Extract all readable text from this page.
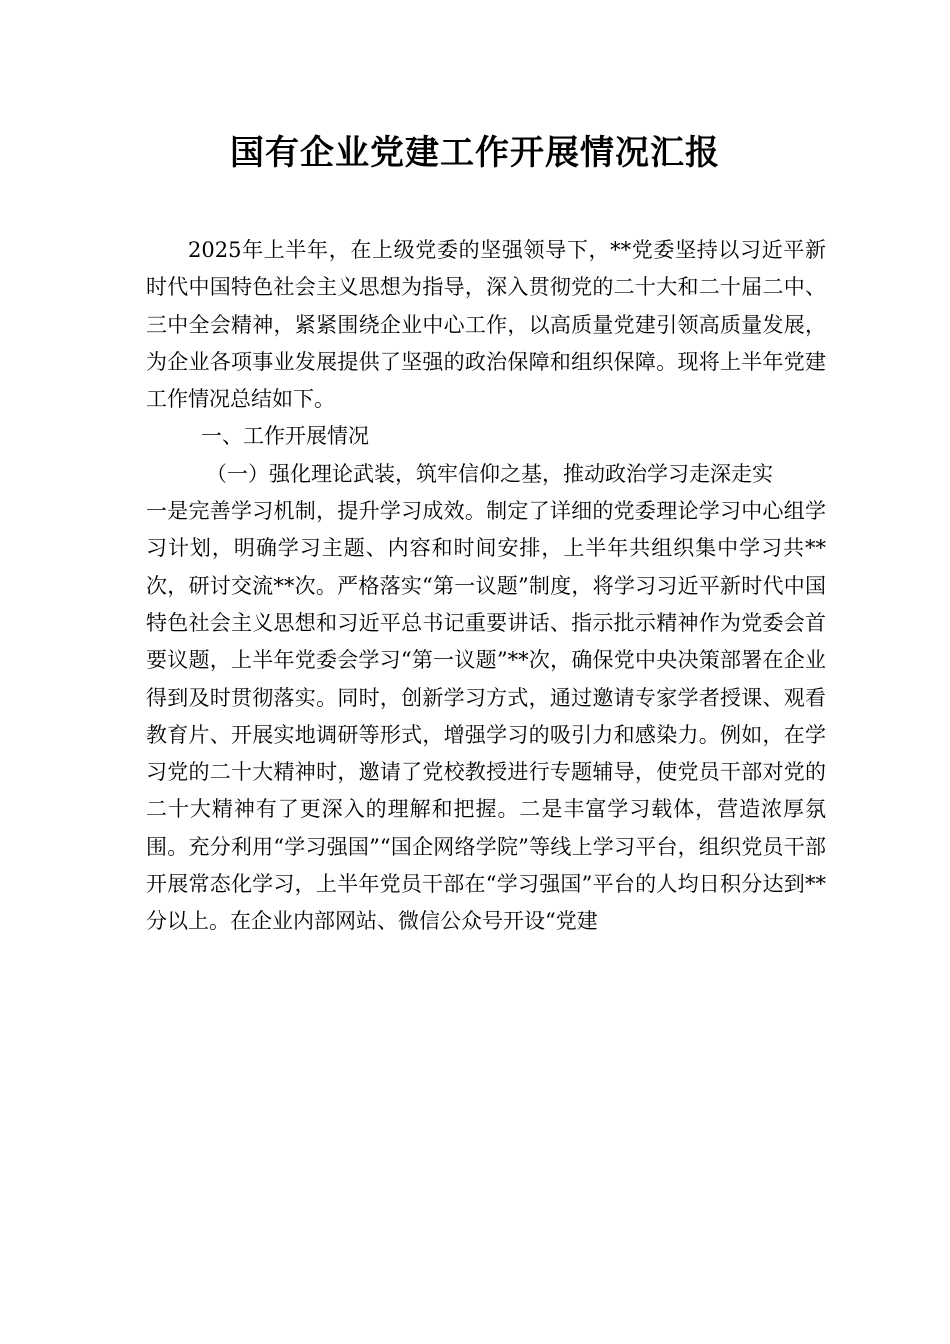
国有企业党建工作开展情况汇报

2025年上半年，在上级党委的坚强领导下，**党委坚持以习近平新时代中国特色社会主义思想为指导，深入贯彻党的二十大和二十届二中、三中全会精神，紧紧围绕企业中心工作，以高质量党建引领高质量发展，为企业各项事业发展提供了坚强的政治保障和组织保障。现将上半年党建工作情况总结如下。

一、工作开展情况

（一）强化理论武装，筑牢信仰之基，推动政治学习走深走实

一是完善学习机制，提升学习成效。制定了详细的党委理论学习中心组学习计划，明确学习主题、内容和时间安排，上半年共组织集中学习共**次，研讨交流**次。严格落实“第一议题”制度，将学习习近平新时代中国特色社会主义思想和习近平总书记重要讲话、指示批示精神作为党委会首要议题，上半年党委会学习“第一议题”**次，确保党中央决策部署在企业得到及时贯彻落实。同时，创新学习方式，通过邀请专家学者授课、观看教育片、开展实地调研等形式，增强学习的吸引力和感染力。例如，在学习党的二十大精神时，邀请了党校教授进行专题辅导，使党员干部对党的二十大精神有了更深入的理解和把握。二是丰富学习载体，营造浓厚氛围。充分利用“学习强国”“国企网络学院”等线上学习平台，组织党员干部开展常态化学习，上半年党员干部在“学习强国”平台的人均日积分达到**分以上。在企业内部网站、微信公众号开设“党建
